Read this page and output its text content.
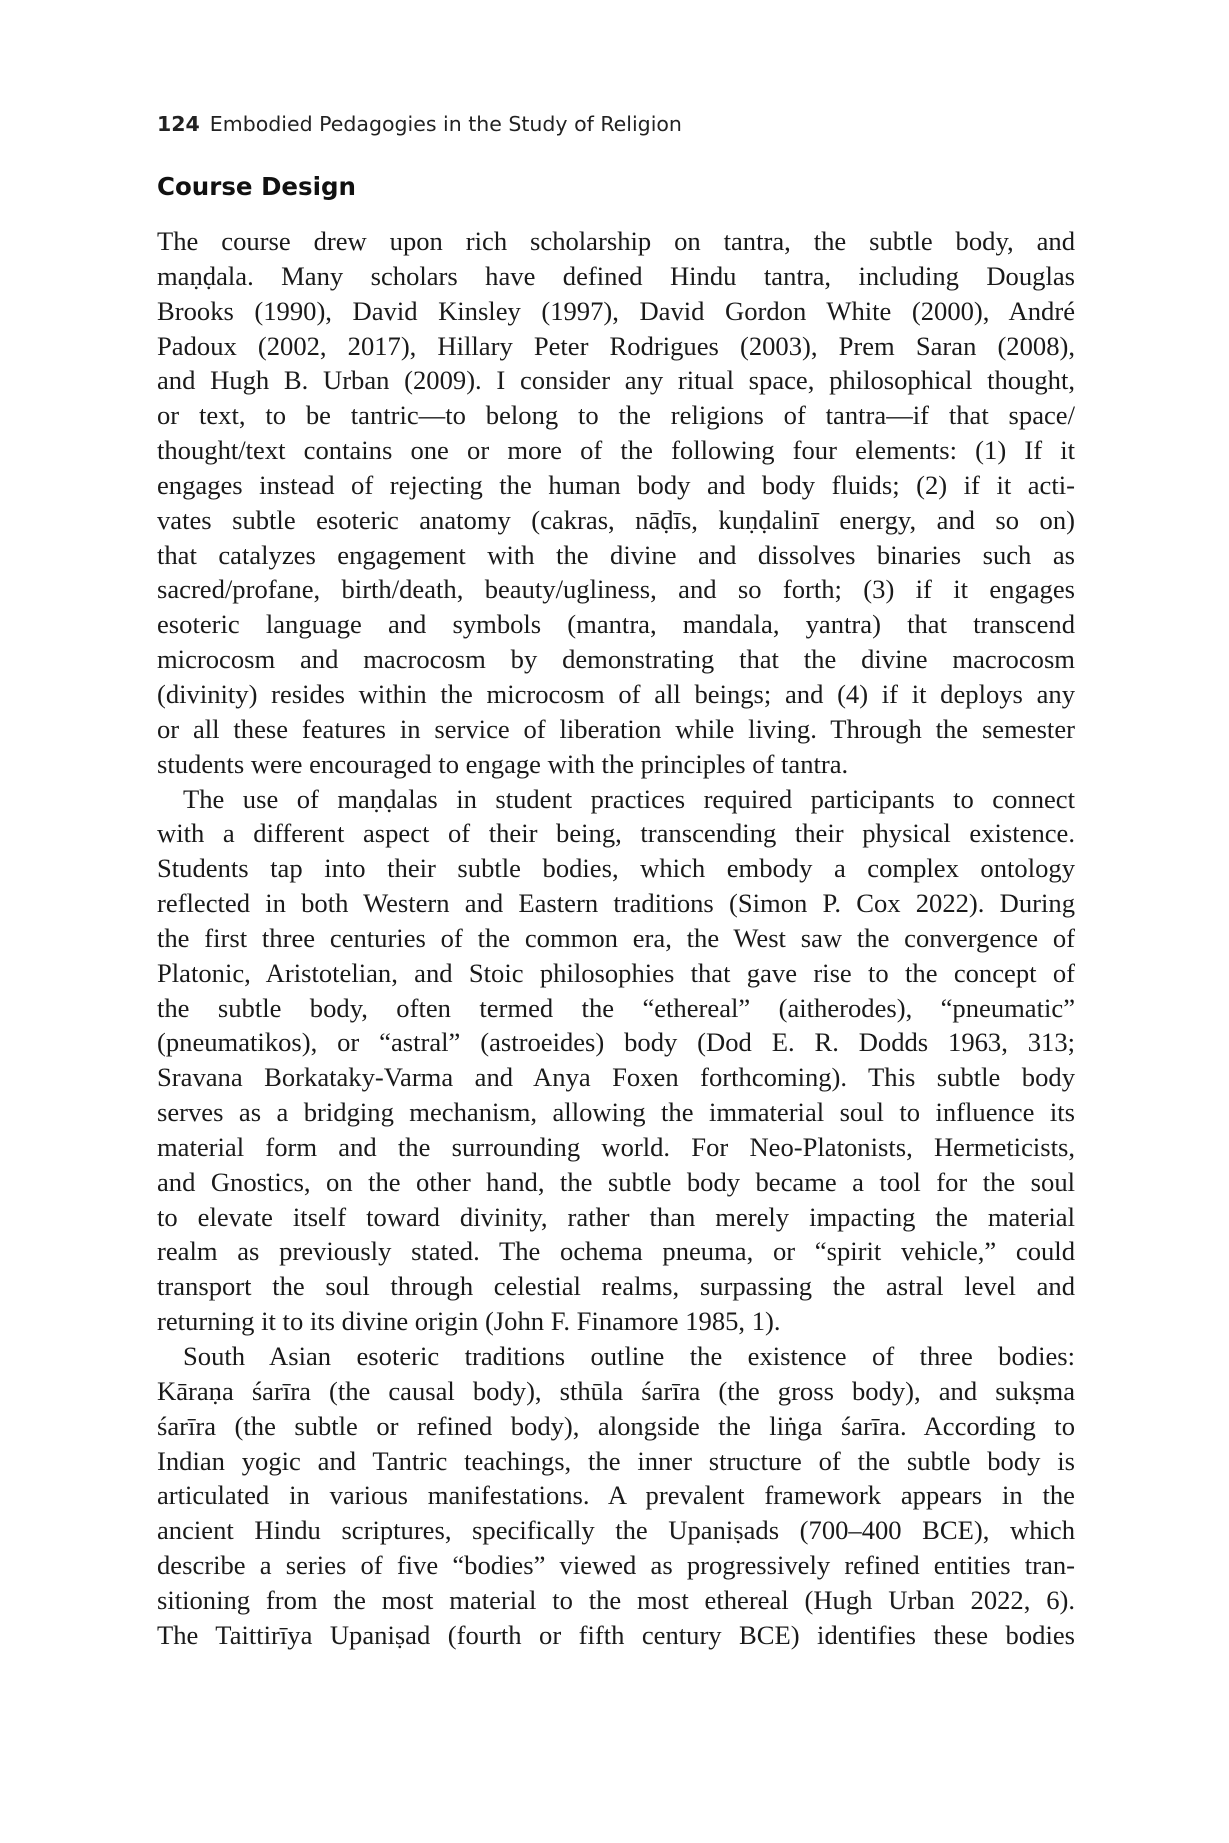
124 Embodied Pedagogies in the Study of Religion
Course Design
The course drew upon rich scholarship on tantra, the subtle body, and
maṇḍala. Many scholars have defined Hindu tantra, including Douglas
Brooks (1990), David Kinsley (1997), David Gordon White (2000), André
Padoux (2002, 2017), Hillary Peter Rodrigues (2003), Prem Saran (2008),
and Hugh B. Urban (2009). I consider any ritual space, philosophical thought,
or text, to be tantric—to belong to the religions of tantra—if that space/
thought/text contains one or more of the following four elements: (1) If it
engages instead of rejecting the human body and body fluids; (2) if it acti-
vates subtle esoteric anatomy (cakras, nāḍīs, kuṇḍalinī energy, and so on)
that catalyzes engagement with the divine and dissolves binaries such as
sacred/profane, birth/death, beauty/ugliness, and so forth; (3) if it engages
esoteric language and symbols (mantra, mandala, yantra) that transcend
microcosm and macrocosm by demonstrating that the divine macrocosm
(divinity) resides within the microcosm of all beings; and (4) if it deploys any
or all these features in service of liberation while living. Through the semester
students were encouraged to engage with the principles of tantra.
The use of maṇḍalas in student practices required participants to connect
with a different aspect of their being, transcending their physical existence.
Students tap into their subtle bodies, which embody a complex ontology
reflected in both Western and Eastern traditions (Simon P. Cox 2022). During
the first three centuries of the common era, the West saw the convergence of
Platonic, Aristotelian, and Stoic philosophies that gave rise to the concept of
the subtle body, often termed the “ethereal” (aitherodes), “pneumatic”
(pneumatikos), or “astral” (astroeides) body (Dod E. R. Dodds 1963, 313;
Sravana Borkataky-Varma and Anya Foxen forthcoming). This subtle body
serves as a bridging mechanism, allowing the immaterial soul to influence its
material form and the surrounding world. For Neo-Platonists, Hermeticists,
and Gnostics, on the other hand, the subtle body became a tool for the soul
to elevate itself toward divinity, rather than merely impacting the material
realm as previously stated. The ochema pneuma, or “spirit vehicle,” could
transport the soul through celestial realms, surpassing the astral level and
returning it to its divine origin (John F. Finamore 1985, 1).
South Asian esoteric traditions outline the existence of three bodies:
Kāraṇa śarīra (the causal body), sthūla śarīra (the gross body), and sukṣma
śarīra (the subtle or refined body), alongside the liṅga śarīra. According to
Indian yogic and Tantric teachings, the inner structure of the subtle body is
articulated in various manifestations. A prevalent framework appears in the
ancient Hindu scriptures, specifically the Upaniṣads (700–400 BCE), which
describe a series of five “bodies” viewed as progressively refined entities tran-
sitioning from the most material to the most ethereal (Hugh Urban 2022, 6).
The Taittirīya Upaniṣad (fourth or fifth century BCE) identifies these bodies
